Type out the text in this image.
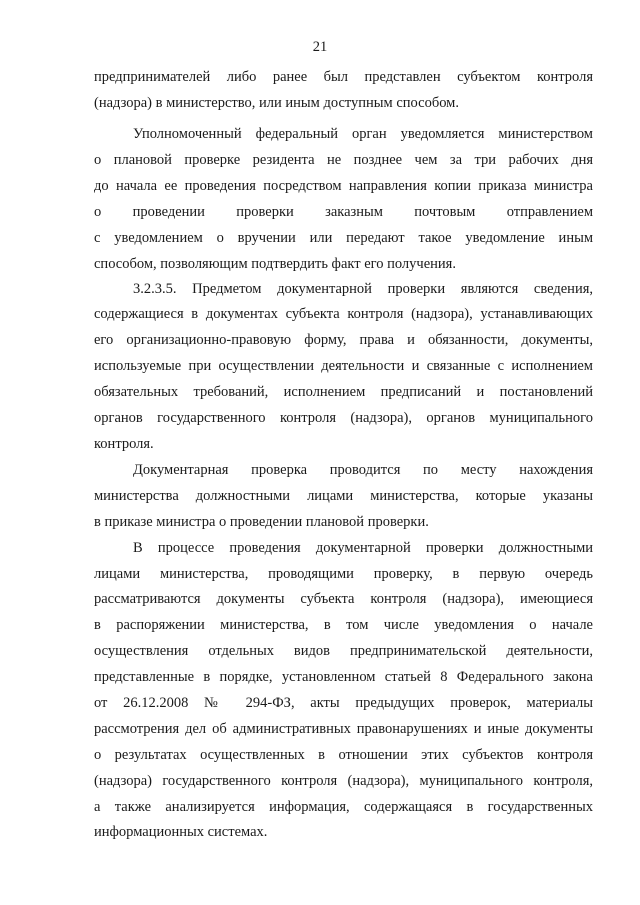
21
предпринимателей либо ранее был представлен субъектом контроля
(надзора) в министерство, или иным доступным способом.
Уполномоченный федеральный орган уведомляется министерством
о плановой проверке резидента не позднее чем за три рабочих дня
до начала ее проведения посредством направления копии приказа министра
о проведении проверки заказным почтовым отправлением
с уведомлением о вручении или передают такое уведомление иным
способом, позволяющим подтвердить факт его получения.
3.2.3.5. Предметом документарной проверки являются сведения,
содержащиеся в документах субъекта контроля (надзора), устанавливающих
его организационно-правовую форму, права и обязанности, документы,
используемые при осуществлении деятельности и связанные с исполнением
обязательных требований, исполнением предписаний и постановлений
органов государственного контроля (надзора), органов муниципального
контроля.
Документарная проверка проводится по месту нахождения
министерства должностными лицами министерства, которые указаны
в приказе министра о проведении плановой проверки.
В процессе проведения документарной проверки должностными
лицами министерства, проводящими проверку, в первую очередь
рассматриваются документы субъекта контроля (надзора), имеющиеся
в распоряжении министерства, в том числе уведомления о начале
осуществления отдельных видов предпринимательской деятельности,
представленные в порядке, установленном статьей 8 Федерального закона
от 26.12.2008 № 294-ФЗ, акты предыдущих проверок, материалы
рассмотрения дел об административных правонарушениях и иные документы
о результатах осуществленных в отношении этих субъектов контроля
(надзора) государственного контроля (надзора), муниципального контроля,
а также анализируется информация, содержащаяся в государственных
информационных системах.
